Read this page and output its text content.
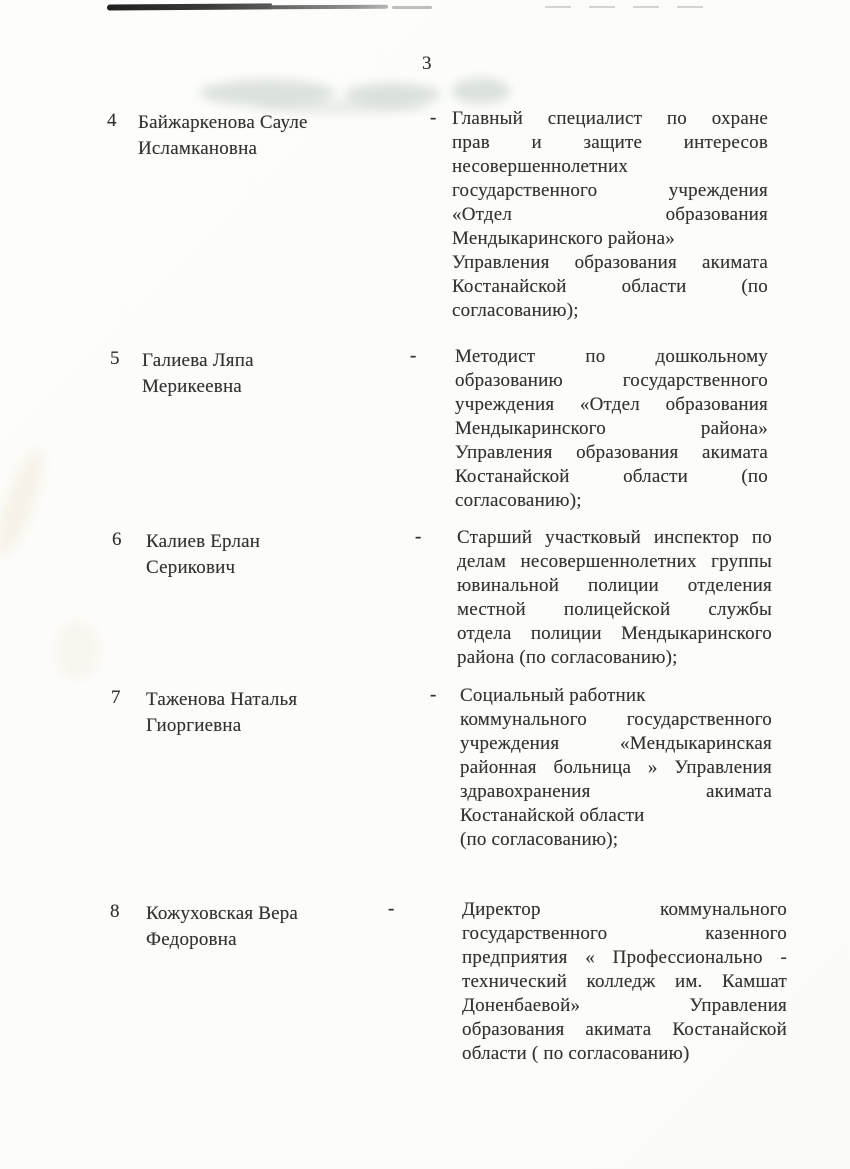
3
4 Байжаркенова Сауле
Исламкановна
- Главный специалист по охране
прав и защите интересов
несовершеннолетних
государственного учреждения
«Отдел образования
Мендыкаринского района»
Управления образования акимата
Костанайской области (по
согласованию);
5 Галиева Ляпа
Мерикеевна
- Методист по дошкольному
образованию государственного
учреждения «Отдел образования
Мендыкаринского района»
Управления образования акимата
Костанайской области (по
согласованию);
6 Калиев Ерлан
Серикович
- Старший участковый инспектор по
делам несовершеннолетних группы
ювинальной полиции отделения
местной полицейской службы
отдела полиции Мендыкаринского
района (по согласованию);
7 Таженова Наталья
Гиоргиевна
- Социальный работник
коммунального государственного
учреждения «Мендыкаринская
районная больница » Управления
здравохранения акимата
Костанайской области
(по согласованию);
8 Кожуховская Вера
Федоровна
-	Директор коммунального
государственного казенного
предприятия « Профессионально -
технический колледж им. Камшат
Доненбаевой» Управления
образования акимата Костанайской
области ( по согласованию)
